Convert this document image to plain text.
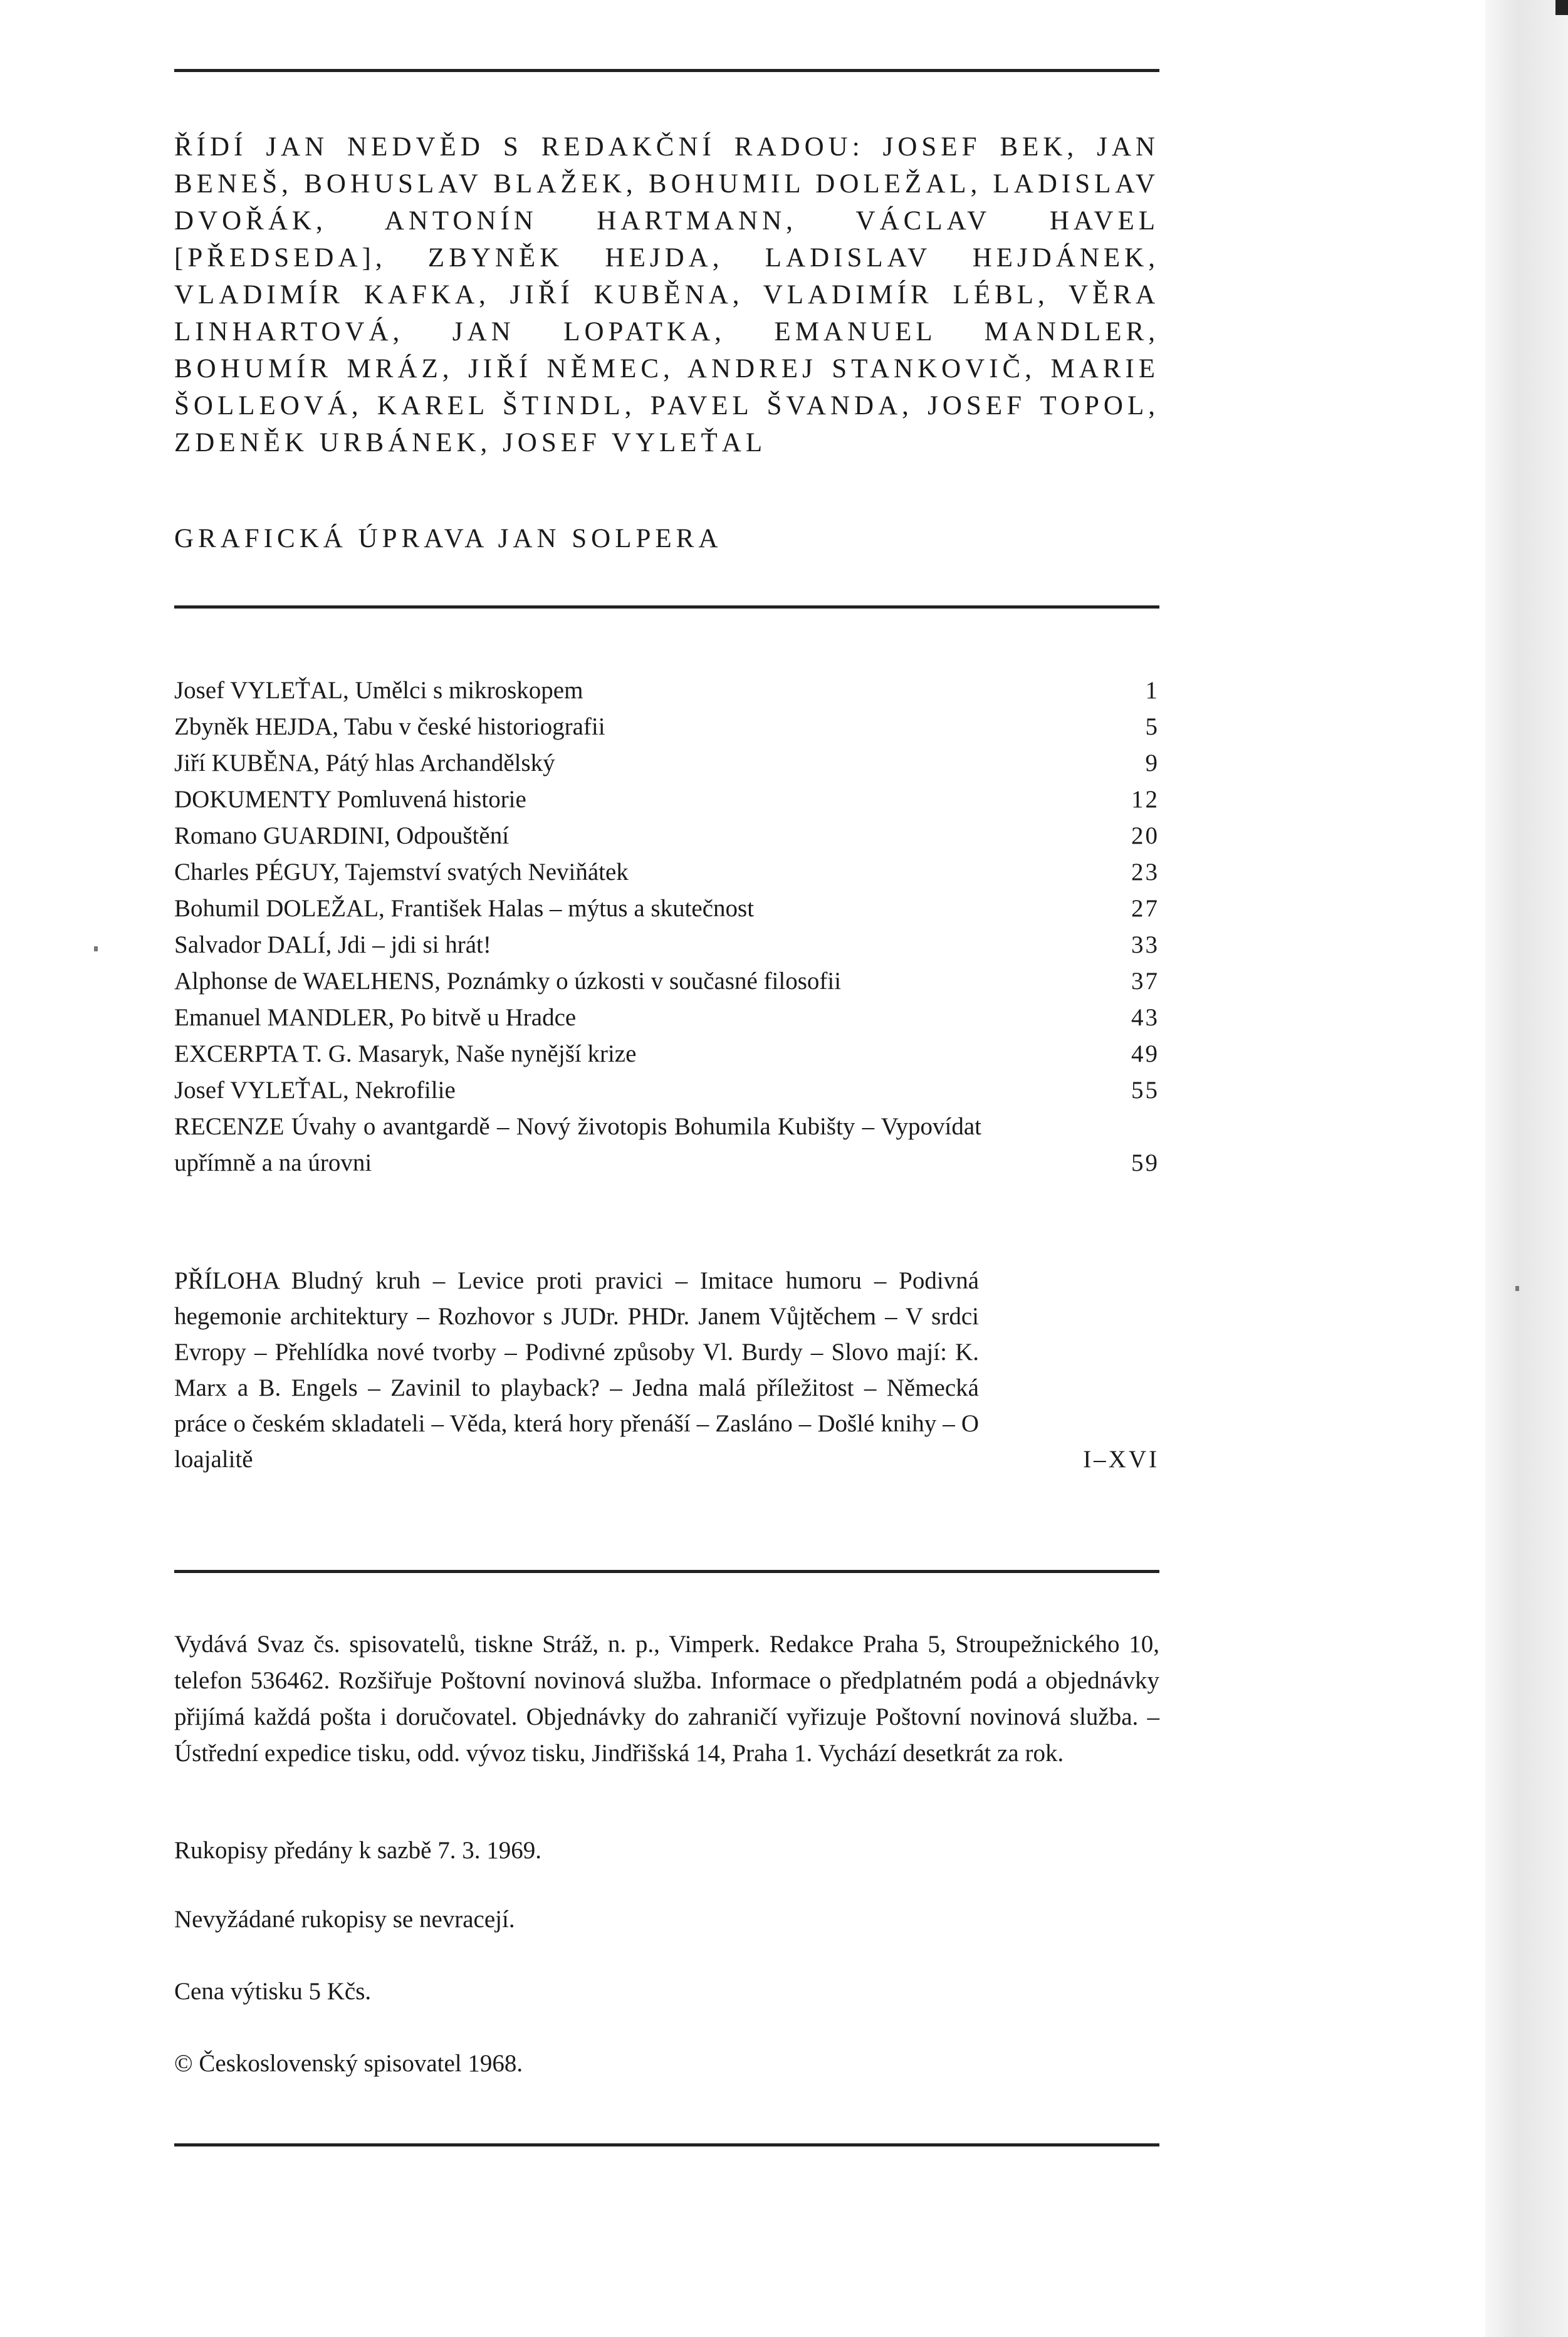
ŘÍDÍ JAN NEDVĚD S REDAKČNÍ RADOU: JOSEF BEK, JAN BENEŠ, BOHUSLAV BLAŽEK, BOHUMIL DOLEŽAL, LADISLAV DVOŘÁK, ANTONÍN HARTMANN, VÁCLAV HAVEL [PŘEDSEDA], ZBYNĚK HEJDA, LADISLAV HEJDÁNEK, VLADIMÍR KAFKA, JIŘÍ KUBĚNA, VLADIMÍR LÉBL, VĚRA LINHARTOVÁ, JAN LOPATKA, EMANUEL MANDLER, BOHUMÍR MRÁZ, JIŘÍ NĚMEC, ANDREJ STANKOVIČ, MARIE ŠOLLEOVÁ, KAREL ŠTINDL, PAVEL ŠVANDA, JOSEF TOPOL, ZDENĚK URBÁNEK, JOSEF VYLEŤAL
GRAFICKÁ ÚPRAVA JAN SOLPERA
Josef VYLEŤAL, Umělci s mikroskopem	1
Zbyněk HEJDA, Tabu v české historiografii	5
Jiří KUBĚNA, Pátý hlas Archandělský	9
DOKUMENTY Pomluvená historie	12
Romano GUARDINI, Odpouštění	20
Charles PÉGUY, Tajemství svatých Neviňátek	23
Bohumil DOLEŽAL, František Halas – mýtus a skutečnost	27
Salvador DALÍ, Jdi – jdi si hrát!	33
Alphonse de WAELHENS, Poznámky o úzkosti v současné filosofii	37
Emanuel MANDLER, Po bitvě u Hradce	43
EXCERPTA T. G. Masaryk, Naše nynější krize	49
Josef VYLEŤAL, Nekrofilie	55
RECENZE Úvahy o avantgardě – Nový životopis Bohumila Kubišty – Vypovídat upřímně a na úrovni	59
PŘÍLOHA Bludný kruh – Levice proti pravici – Imitace humoru – Podivná hegemonie architektury – Rozhovor s JUDr. PHDr. Janem Vůjtěchem – V srdci Evropy – Přehlídka nové tvorby – Podivné způsoby Vl. Burdy – Slovo mají: K. Marx a B. Engels – Zavinil to playback? – Jedna malá příležitost – Německá práce o českém skladateli – Věda, která hory přenáší – Zasláno – Došlé knihy – O loajalitě	I–XVI
Vydává Svaz čs. spisovatelů, tiskne Stráž, n. p., Vimperk. Redakce Praha 5, Stroupežnického 10, telefon 536462. Rozšiřuje Poštovní novinová služba. Informace o předplatném podá a objednávky přijímá každá pošta i doručovatel. Objednávky do zahraničí vyřizuje Poštovní novinová služba. – Ústřední expedice tisku, odd. vývoz tisku, Jindřišská 14, Praha 1. Vychází desetkrát za rok.
Rukopisy předány k sazbě 7. 3. 1969.
Nevyžádané rukopisy se nevracejí.
Cena výtisku 5 Kčs.
© Československý spisovatel 1968.
